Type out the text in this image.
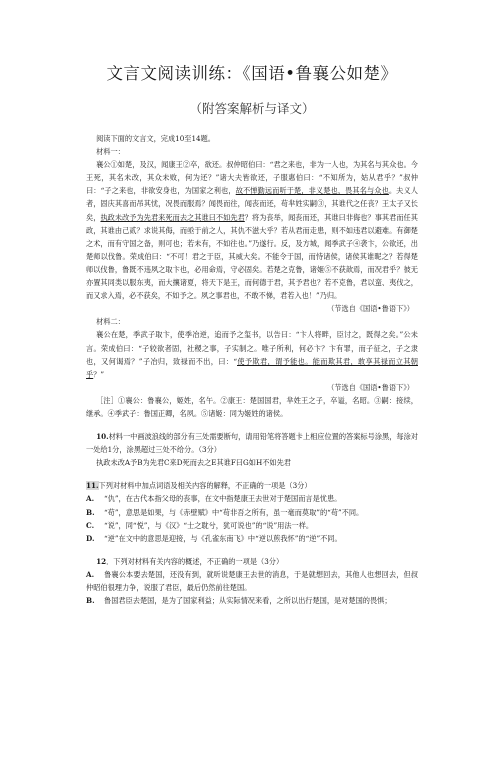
文言文阅读训练：《国语•鲁襄公如楚》
（附答案解析与译文）

阅读下面的文言文，完成10至14题。

材料一：

襄公①如楚，及汉，闻康王②卒，欲还。叔仲昭伯曰：“君之来也，非为一人也，为其名与其众也。今王死，其名未改，其众未败，何为还？”诸大夫皆欲还，子服惠伯曰：“不知所为，姑从君乎？”叔仲曰：“子之来也，非欲安身也，为国家之利也，故不惮勤远而听于楚，非义楚也，畏其名与众也。夫义人者，固庆其喜而吊其忧，况畏而服焉？闻畏而往，闻丧而还，苟芈姓实嗣③，其谁代之任丧？王太子又长矣，执政未改予为先君来死而去之其谁曰不如先君？将为丧举，闻丧而还，其谁曰非侮也？事其君而任其政，其谁由己贰？求说其侮，而亟于前之人，其仇不滋大乎？若从君而走患，则不如违君以避难。有御楚之术，而有守国之备，则可也；若未有，不如往也。”乃遂行。反，及方城，闻季武子④袭卞，公欲还，出楚师以伐鲁。荣成伯曰：“不可！君之于臣，其威大矣。不能令于国，而恃诸侯，诸侯其谁昵之？若得楚师以伐鲁，鲁既不违夙之取卞也，必用命焉，守必固矣。若楚之克鲁，诸姬⑤不获歆焉，而况君乎？彼无亦置其同类以服东夷，而大攘诸夏，将天下是王，而何德于君，其予君也？若不克鲁，君以蛮、夷伐之，而又求入焉，必不获矣，不如予之。夙之事君也，不敢不悌，君若入也！”乃归。

（节选自《国语•鲁语下》）

材料二：

襄公在楚，季武子取卞，使季冶逆，追而予之玺书，以告曰：“卞人将畔，臣讨之，既得之矣。”公未言。荣成伯曰：“子较欲者固，社稷之事，子实制之。唯子所利，何必卞？卞有罪，而子征之，子之隶也，又何谒焉？”子冶归，致禄而不出，曰：“使予欺君，谓予能也。能而欺其君，敢享其禄而立其朝乎？”

（节选自《国语•鲁语下》）

［注］①襄公：鲁襄公，姬姓，名午。②康王：楚国国君，芈姓王之子，卒谥，名昭。③嗣：接续，继承。④季武子：鲁国正卿，名夙。⑤诸姬：同为姬姓的诸侯。

10.材料一中画波浪线的部分有三处需要断句，请用铅笔将答题卡上相应位置的答案标号涂黑，每涂对一处给1分，涂黑超过三处不给分。（3分）

执政未改A予B为先君C来D死而去之E其谁F曰G如H不如先君

11.下列对材料中加点词语及相关内容的解释，不正确的一项是（3分）

A. “仇”，在古代本指父母的丧事，在文中指楚康王去世对于楚国而言是忧患。

B. “苟”，意思是如果，与《赤壁赋》中“苟非吾之所有，虽一毫而莫取”的“苟”不同。

C. “说”，同“悦”，与《汉》“士之耽兮，犹可说也”的“说”用法一样。

D. “逆”在文中的意思是迎接，与《孔雀东南飞》中“逆以煎我怀”的“逆”不同。

12．下列对材料有关内容的概述，不正确的一项是（3分）

A. 鲁襄公本要去楚国，还没有到，就听说楚康王去世的消息，于是就想回去，其他人也想回去，但叔仲昭伯很理力争，说服了君臣，最后仍然前往楚国。

B. 鲁国君臣去楚国，是为了国家利益；从实际情况来看，之所以出行楚国，是对楚国的畏惧；
